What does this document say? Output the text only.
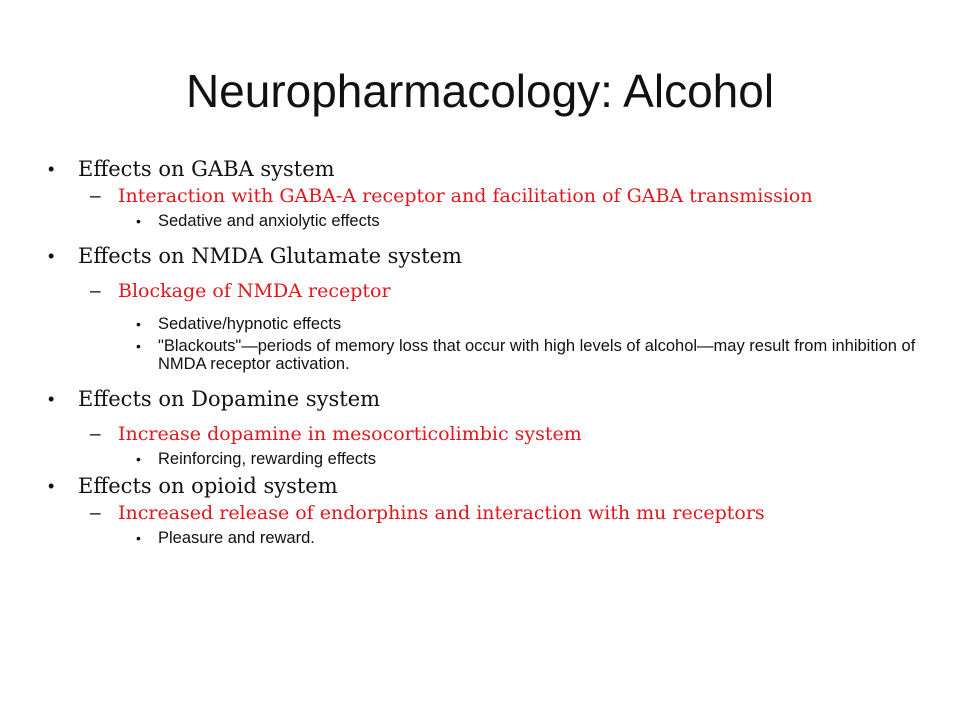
Neuropharmacology: Alcohol
• Effects on GABA system
– Interaction with GABA-A receptor and facilitation of GABA transmission
• Sedative and anxiolytic effects
• Effects on NMDA Glutamate system
– Blockage of NMDA receptor
• Sedative/hypnotic effects
• "Blackouts"—periods of memory loss that occur with high levels of alcohol—may result from inhibition of NMDA receptor activation.
• Effects on Dopamine system
– Increase dopamine in mesocorticolimbic system
• Reinforcing, rewarding effects
• Effects on opioid system
– Increased release of endorphins and interaction with mu receptors
• Pleasure and reward.
